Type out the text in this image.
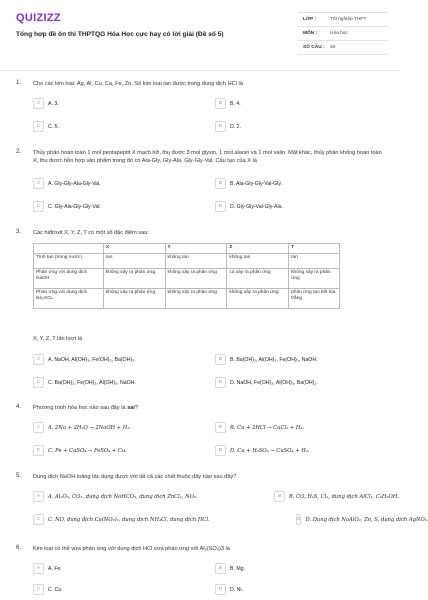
QUIZIZZ
Tổng hợp đề ôn thi THPTQG Hóa Học cực hay có lời giải (Đề số 5)
LỚP :	Tốt nghiệp THPT
MÔN :	Hóa học
SỐ CÂU :	40
1. Cho các kim loại: Ag, Al, Cu, Ca, Fe, Zn. Số kim loại tan được trong dung dịch HCl là
A	A. 3.	B	B. 4.
C	C. 5.	D	D. 2.
2. Thủy phân hoàn toàn 1 mol pentapeptit X mạch hở, thu được 3 mol glyxin, 1 mol alanin và 1 mol valin. Mặt khác, thủy phân không hoàn toàn X, thu được hỗn hợp sản phẩm trong đó có Ala-Gly, Gly-Ala, Gly-Gly-Val. Cấu tạo của X là
A	A. Gly-Gly-Ala-Gly-Val.	B	B. Ala-Gly-Gly-Val-Gly.
C	C. Gly-Ala-Gly-Gly-Val.	D	D. Gly-Gly-Val-Gly-Ala.
3. Các hiđroxit X, Y, Z, T có một số đặc điểm sau:
	X	Y	Z	T
Tính tan (trong nước)	tan	không tan	không tan	tan
Phản ứng với dung dịch NaOH	không xảy ra phản ứng	không xảy ra phản ứng	có xảy ra phản ứng	không xảy ra phản ứng
Phản ứng với dung dịch Na₂SO₄	không xảy ra phản ứng	không xảy ra phản ứng	không xảy ra phản ứng	phản ứng tạo kết tủa trắng
X, Y, Z, T lần lượt là
A	A. NaOH, Al(OH)₃, Fe(OH)₃, Ba(OH)₂.	B	B. Ba(OH)₂, Al(OH)₃, Fe(OH)₃, NaOH.
C	C. Ba(OH)₂, Fe(OH)₃, Al(OH)₃, NaOH.	D	D. NaOH, Fe(OH)₃, Al(OH)₃, Ba(OH)₂.
4. Phương trình hóa học nào sau đây là sai?
A	A. 2Na + 2H₂O → 2NaOH + H₂.	B	B. Cu + 2HCl → CuCl₂ + H₂.
C	C. Fe + CuSO₄ → FeSO₄ + Cu.	D	D. Cu + H₂SO₄ → CuSO₄ + H₂.
5. Dung dịch NaOH loãng tác dụng được với tất cả các chất thuộc dãy nào sau đây?
A	A. Al₂O₃, CO₂, dung dịch NaHCO₃, dung dịch ZnCl₂, NO₂.	B	B. CO, H₂S, Cl₂, dung dịch AlCl₃, C₆H₅OH.
C	C. NO, dung dịch Ca(NO₃)₂, dung dịch NH₄Cl, dung dịch HCl.	D D. Dung dịch NaAlO₂, Zn, S, dung dịch AgNO₃.
6. Kim loại có thể vừa phản ứng với dung dịch HCl vừa phản ứng với Al₂(SO₄)3 là
A	A. Fe.	B	B. Mg.
C	C. Cu.	D	D. Ni.
